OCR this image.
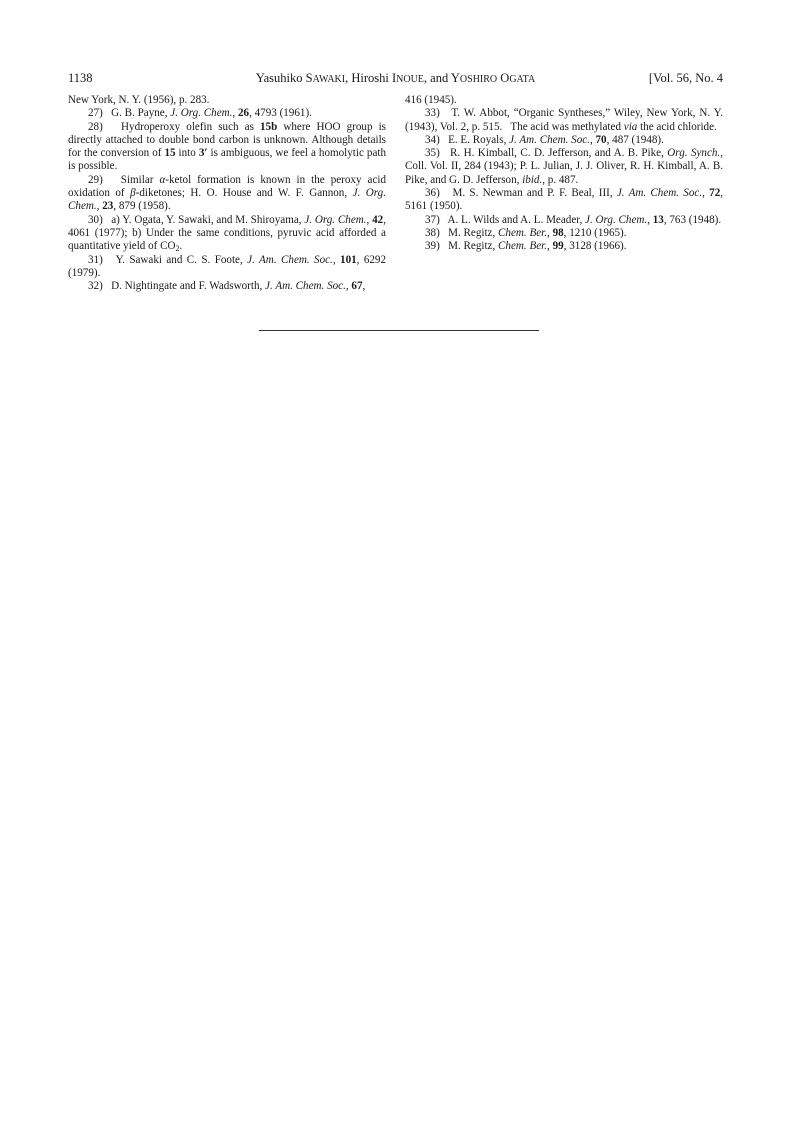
1138	Yasuhiko SAWAKI, Hiroshi INOUE, and YOSHIRO OGATA	[Vol. 56, No. 4

New York, N. Y. (1956), p. 283.

27)   G. B. Payne, J. Org. Chem., 26, 4793 (1961).

28)   Hydroperoxy olefin such as 15b where HOO group is directly attached to double bond carbon is unknown. Although details for the conversion of 15 into 3′ is ambiguous, we feel a homolytic path is possible.

29)   Similar α-ketol formation is known in the peroxy acid oxidation of β-diketones; H. O. House and W. F. Gannon, J. Org. Chem., 23, 879 (1958).

30)   a) Y. Ogata, Y. Sawaki, and M. Shiroyama, J. Org. Chem., 42, 4061 (1977); b) Under the same conditions, pyruvic acid afforded a quantitative yield of $CO_2$.

31)   Y. Sawaki and C. S. Foote, J. Am. Chem. Soc., 101, 6292 (1979).

32)   D. Nightingate and F. Wadsworth, J. Am. Chem. Soc., 67,

416 (1945).

33)   T. W. Abbot, “Organic Syntheses,” Wiley, New York, N. Y. (1943), Vol. 2, p. 515.   The acid was methylated via the acid chloride.

34)   E. E. Royals, J. Am. Chem. Soc., 70, 487 (1948).

35)   R. H. Kimball, C. D. Jefferson, and A. B. Pike, Org. Synch., Coll. Vol. II, 284 (1943); P. L. Julian, J. J. Oliver, R. H. Kimball, A. B. Pike, and G. D. Jefferson, ibid., p. 487.

36)   M. S. Newman and P. F. Beal, III, J. Am. Chem. Soc., 72, 5161 (1950).

37)   A. L. Wilds and A. L. Meader, J. Org. Chem., 13, 763 (1948).

38)   M. Regitz, Chem. Ber., 98, 1210 (1965).

39)   M. Regitz, Chem. Ber., 99, 3128 (1966).
